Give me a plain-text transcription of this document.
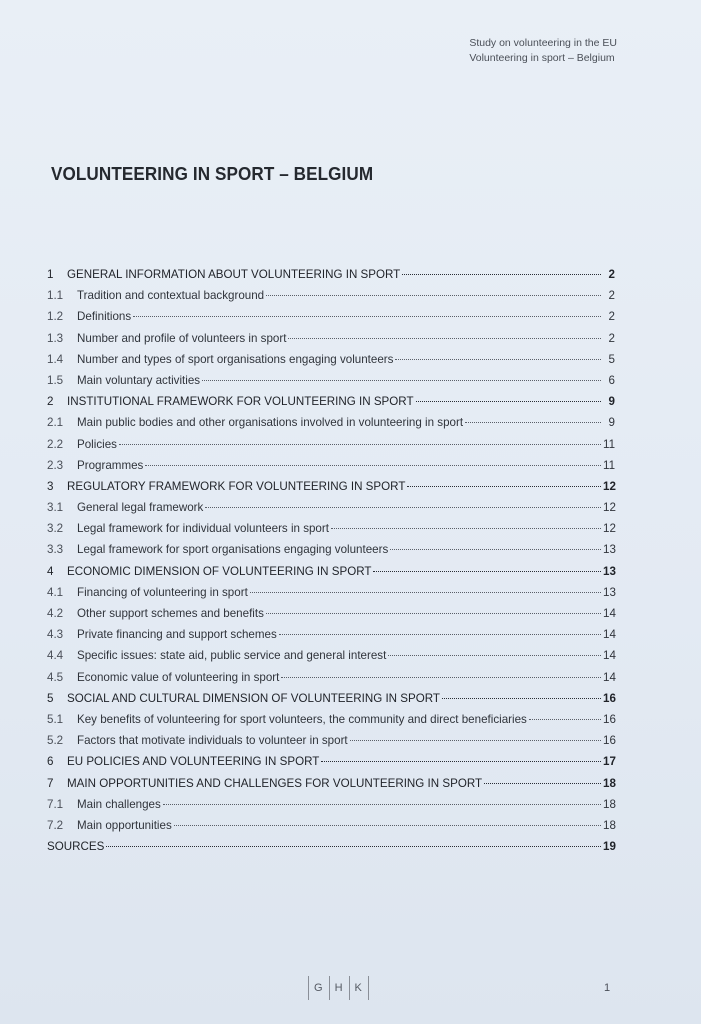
Study on volunteering in the EU
Volunteering in sport – Belgium
VOLUNTEERING IN SPORT – BELGIUM
1	GENERAL INFORMATION ABOUT VOLUNTEERING IN SPORT	2
1.1	Tradition and contextual background	2
1.2	Definitions	2
1.3	Number and profile of volunteers in sport	2
1.4	Number and types of sport organisations engaging volunteers	5
1.5	Main voluntary activities	6
2	INSTITUTIONAL FRAMEWORK FOR VOLUNTEERING IN SPORT	9
2.1	Main public bodies and other organisations involved in volunteering in sport	9
2.2	Policies	11
2.3	Programmes	11
3	REGULATORY FRAMEWORK FOR VOLUNTEERING IN SPORT	12
3.1	General legal framework	12
3.2	Legal framework for individual volunteers in sport	12
3.3	Legal framework for sport organisations engaging volunteers	13
4	ECONOMIC DIMENSION OF VOLUNTEERING IN SPORT	13
4.1	Financing of volunteering in sport	13
4.2	Other support schemes and benefits	14
4.3	Private financing and support schemes	14
4.4	Specific issues: state aid, public service and general interest	14
4.5	Economic value of volunteering in sport	14
5	SOCIAL AND CULTURAL DIMENSION OF VOLUNTEERING IN SPORT	16
5.1	Key benefits of volunteering for sport volunteers, the community and direct beneficiaries	16
5.2	Factors that motivate individuals to volunteer in sport	16
6	EU POLICIES AND VOLUNTEERING IN SPORT	17
7	MAIN OPPORTUNITIES AND CHALLENGES FOR VOLUNTEERING IN SPORT	18
7.1	Main challenges	18
7.2	Main opportunities	18
SOURCES	19
G H K	1
